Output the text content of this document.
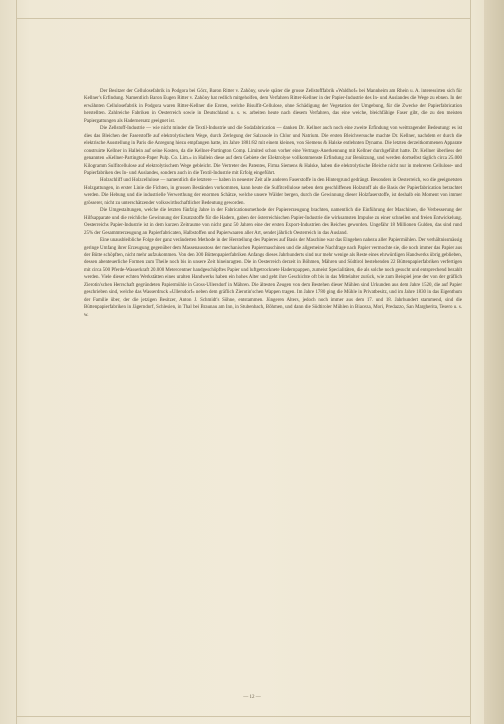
Der Besitzer der Cellulosefabrik in Podgora bei Görz, Baron Ritter v. Zahöny, sowie später die grosse Zellstofffabrik »Waldhof« bei Mannheim am Rhein u. A. interessirten sich für Kellner's Erfindung. Namentlich Baron Eugen Ritter v. Zahöny hat redlich mitgeholfen, dem Verfahren Ritter-Kellner in der Papier-Industrie des In- und Auslandes die Wege zu ebnen. In der erwähnten Cellulosefabrik in Podgora waren Ritter-Kellner die Ersten, welche Bisulfit-Cellulose, ohne Schädigung der Vegetation der Umgebung, für die Zwecke der Papierfabrication herstellten. Zahlreiche Fabriken in Oesterreich sowie in Deutschland u. s. w. arbeiten heute nach diesem Verfahren, das eine weiche, bleichfähige Faser gibt, die zu den meisten Papiergattungen als Hadernersatz geeignet ist.

Die Zellstoff-Industrie — wie nicht minder die Textil-Industrie und die Sodafabrication — danken Dr. Kellner auch noch eine zweite Erfindung von weittragender Bedeutung: es ist dies das Bleichen der Faserstoffe auf elektrolytischem Wege, durch Zerlegung der Salzsoole in Chlor und Natrium. Die ersten Bleichversuche machte Dr. Kellner, nachdem er durch die elektrische Ausstellung in Paris die Anregung hiezu empfangen hatte, im Jahre 1881/82 mit einem kleinen, von Siemens & Halske entlehnten Dynamo. Die letzten derzeitkommenen Apparate construirte Kellner in Hallein auf seine Kosten, da die Kellner-Partington Comp. Limited schon vorher eine Vertrags-Anerkennung mit Kellner durchgeführt hatte. Dr. Kellner überliess der genannten »Kellner-Partington-Paper Pulp. Co. Lim.« in Hallein diese auf dem Gebiete der Elektrolyse vollkommenste Erfindung zur Benützung, und werden dortselbst täglich circa 25.000 Kilogramm Sulfitcellulose auf elektrolytischem Wege gebleicht. Die Vertreter des Patentes, Firma Siemens & Halske, haben die elektrolytische Bleiche nicht nur in mehreren Cellulose- und Papierfabriken des In- und Auslandes, sondern auch in die Textil-Industrie mit Erfolg eingeführt.

Holzschliff und Holzcellulose — namentlich die letztere — haben in neuester Zeit alle anderen Faserstoffe in den Hintergrund gedrängt. Besonders in Oesterreich, wo die geeignetsten Holzgattungen, in erster Linie die Fichten, in grossen Beständen vorkommen, kann heute die Sulfitcellulose neben dem geschliffenen Holzstoff als die Basis der Papierfabrication betrachtet werden. Die Hebung und die industrielle Verwerthung der enormen Schätze, welche unsere Wälder bergen, durch die Gewinnung dieser Holzfaserstoffe, ist deshalb ein Moment von immer grösserer, nicht zu unterschätzender volkswirthschaftlicher Bedeutung geworden.

Die Umgestaltungen, welche die letzten fünfzig Jahre in der Fabricationsmethode der Papiererzeugung brachten, namentlich die Einführung der Maschinen, die Verbesserung der Hilfsapparate und die reichliche Gewinnung der Ersatzstoffe für die Hadern, gaben der österreichischen Papier-Industrie die wirksamsten Impulse zu einer schnellen und freien Entwickelung. Oesterreichs Papier-Industrie ist in dem kurzen Zeitraume von nicht ganz 50 Jahren eine der ersten Export-Industrien des Reiches geworden. Ungefähr 18 Millionen Gulden, das sind rund 25% der Gesammterzeugung an Papierfabricaten, Halbstoffen und Papierwaaren aller Art, sendet jährlich Oesterreich in das Ausland.

Eine unausbleibliche Folge der ganz veränderten Methode in der Herstellung des Papieres auf Basis der Maschine war das Eingehen nahezu aller Papiermühlen. Der verhältnissmässig geringe Umfang ihrer Erzeugung gegenüber dem Massenausstoss der mechanischen Papiermaschinen und die allgemeine Nachfrage nach Papier vermochte sie, die noch immer das Papier aus der Bütte schöpften, nicht mehr aufzukommen. Von den 300 Büttenpapierfabriken Anfangs dieses Jahrhunderts sind nur mehr wenige als Reste eines ehrwürdigen Handwerks übrig geblieben, dessen abenteuerliche Formen zum Theile noch bis in unsere Zeit hineinragten. Die in Oesterreich derzeit in Böhmen, Mähren und Südtirol bestehenden 22 Büttenpapierfabriken verfertigen mit circa 500 Pferde-Wasserkraft 20.000 Metercentner handgeschöpftes Papier und luftgetrocknete Hadernpappen, zumeist Specialitäten, die als solche noch gesucht und entsprechend bezahlt werden. Viele dieser echten Werkstätten eines uralten Handwerks haben ein hohes Alter und geht ihre Geschichte oft bis in das Mittelalter zurück, wie zum Beispiel jene der von der gräflich Zierotin'schen Herrschaft gegründeten Papiermühle in Gross-Ullersdorf in Mähren. Die ältesten Zeugen von dem Bestehen dieser Mühlen sind Urkunden aus dem Jahre 1520, die auf Papier geschrieben sind, welche das Wasserdruck »Ullersdorf« neben dem gräflich Zierotin'schen Wappen tragen. Im Jahre 1780 ging die Mühle in Privatbesitz, und im Jahre 1830 in das Eigenthum der Familie über, der die jetzigen Besitzer, Anton J. Schmidt's Söhne, entstammen. Jüngeren Alters, jedoch noch immer aus dem 17. und 18. Jahrhundert stammend, sind die Büttenpapierfabriken in Jägerndorf, Schlesien, in Thal bei Braunau am Inn, in Stubenbach, Böhmen, und dann die Südtiroler Mühlen in Biaceza, Mori, Predazzo, San Margherita, Tesero u. s. w.

— 12 —
